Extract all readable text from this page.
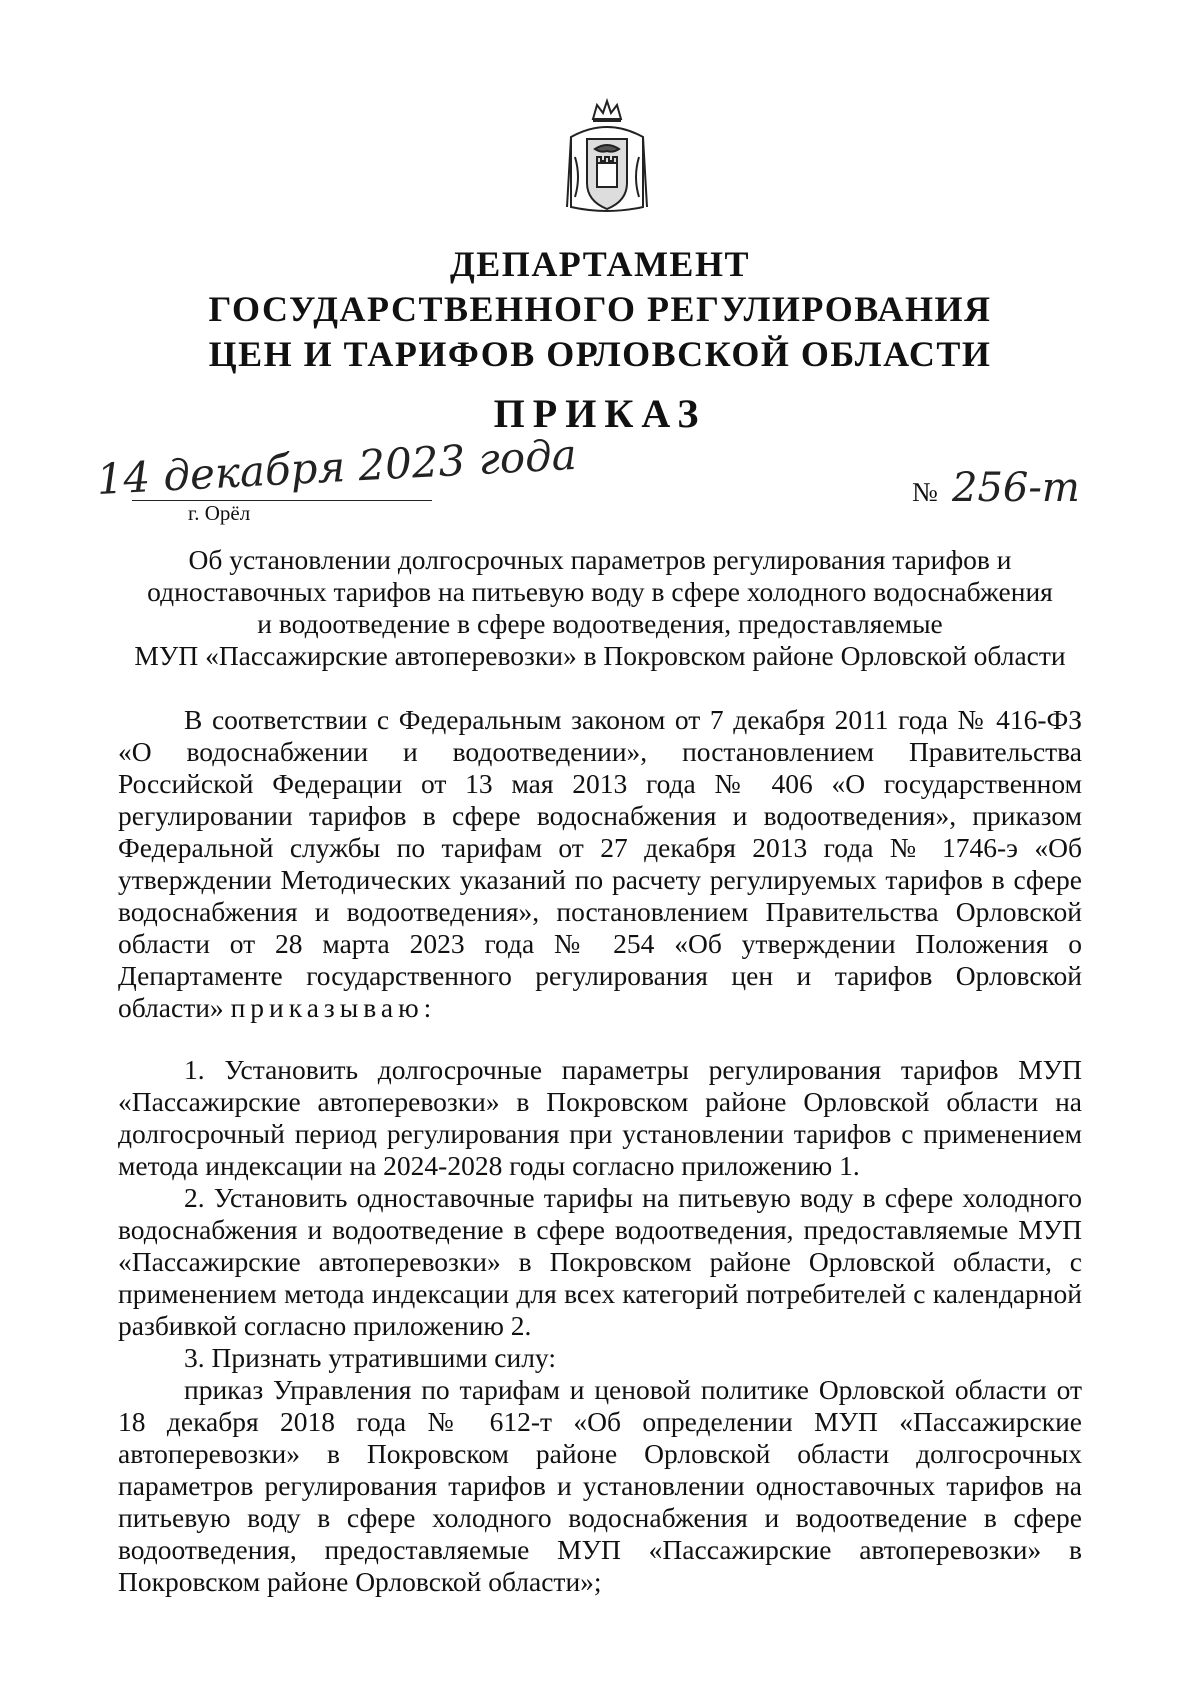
ДЕПАРТАМЕНТ
ГОСУДАРСТВЕННОГО РЕГУЛИРОВАНИЯ
ЦЕН И ТАРИФОВ ОРЛОВСКОЙ ОБЛАСТИ
ПРИКАЗ
14 декабря 2023 года
г. Орёл
№ 256-т
Об установлении долгосрочных параметров регулирования тарифов и
одноставочных тарифов на питьевую воду в сфере холодного водоснабжения
и водоотведение в сфере водоотведения, предоставляемые
МУП «Пассажирские автоперевозки» в Покровском районе Орловской области

В соответствии с Федеральным законом от 7 декабря 2011 года № 416-ФЗ «О водоснабжении и водоотведении», постановлением Правительства Российской Федерации от 13 мая 2013 года № 406 «О государственном регулировании тарифов в сфере водоснабжения и водоотведения», приказом Федеральной службы по тарифам от 27 декабря 2013 года № 1746-э «Об утверждении Методических указаний по расчету регулируемых тарифов в сфере водоснабжения и водоотведения», постановлением Правительства Орловской области от 28 марта 2023 года № 254 «Об утверждении Положения о Департаменте государственного регулирования цен и тарифов Орловской области» приказываю:

1. Установить долгосрочные параметры регулирования тарифов МУП «Пассажирские автоперевозки» в Покровском районе Орловской области на долгосрочный период регулирования при установлении тарифов с применением метода индексации на 2024-2028 годы согласно приложению 1.

2. Установить одноставочные тарифы на питьевую воду в сфере холодного водоснабжения и водоотведение в сфере водоотведения, предоставляемые МУП «Пассажирские автоперевозки» в Покровском районе Орловской области, с применением метода индексации для всех категорий потребителей с календарной разбивкой согласно приложению 2.

3. Признать утратившими силу:

приказ Управления по тарифам и ценовой политике Орловской области от 18 декабря 2018 года № 612-т «Об определении МУП «Пассажирские автоперевозки» в Покровском районе Орловской области долгосрочных параметров регулирования тарифов и установлении одноставочных тарифов на питьевую воду в сфере холодного водоснабжения и водоотведение в сфере водоотведения, предоставляемые МУП «Пассажирские автоперевозки» в Покровском районе Орловской области»;
